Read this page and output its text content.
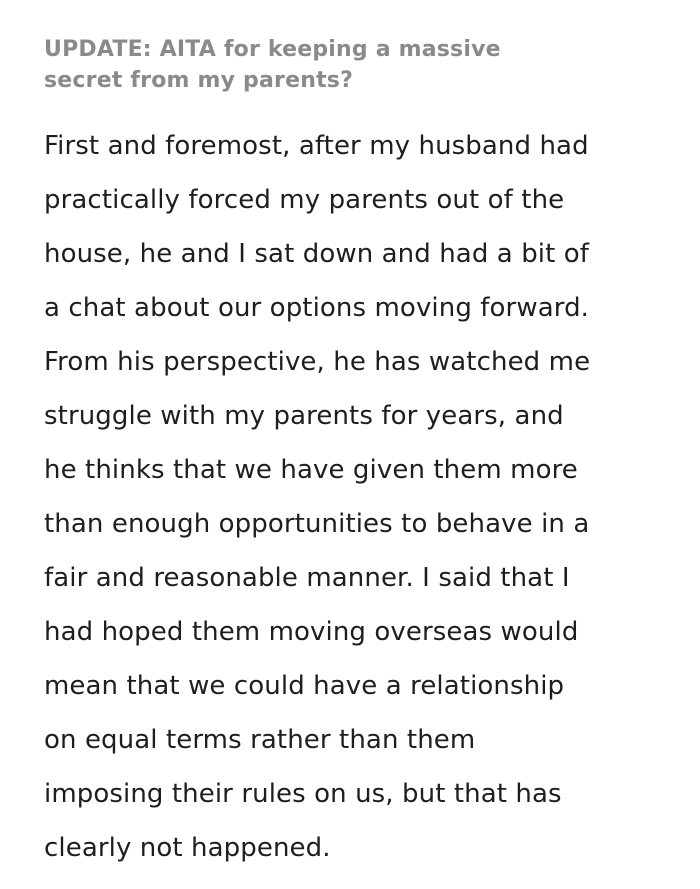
UPDATE: AITA for keeping a massive
secret from my parents?

First and foremost, after my husband had
practically forced my parents out of the
house, he and I sat down and had a bit of
a chat about our options moving forward.
From his perspective, he has watched me
struggle with my parents for years, and
he thinks that we have given them more
than enough opportunities to behave in a
fair and reasonable manner. I said that I
had hoped them moving overseas would
mean that we could have a relationship
on equal terms rather than them
imposing their rules on us, but that has
clearly not happened.
